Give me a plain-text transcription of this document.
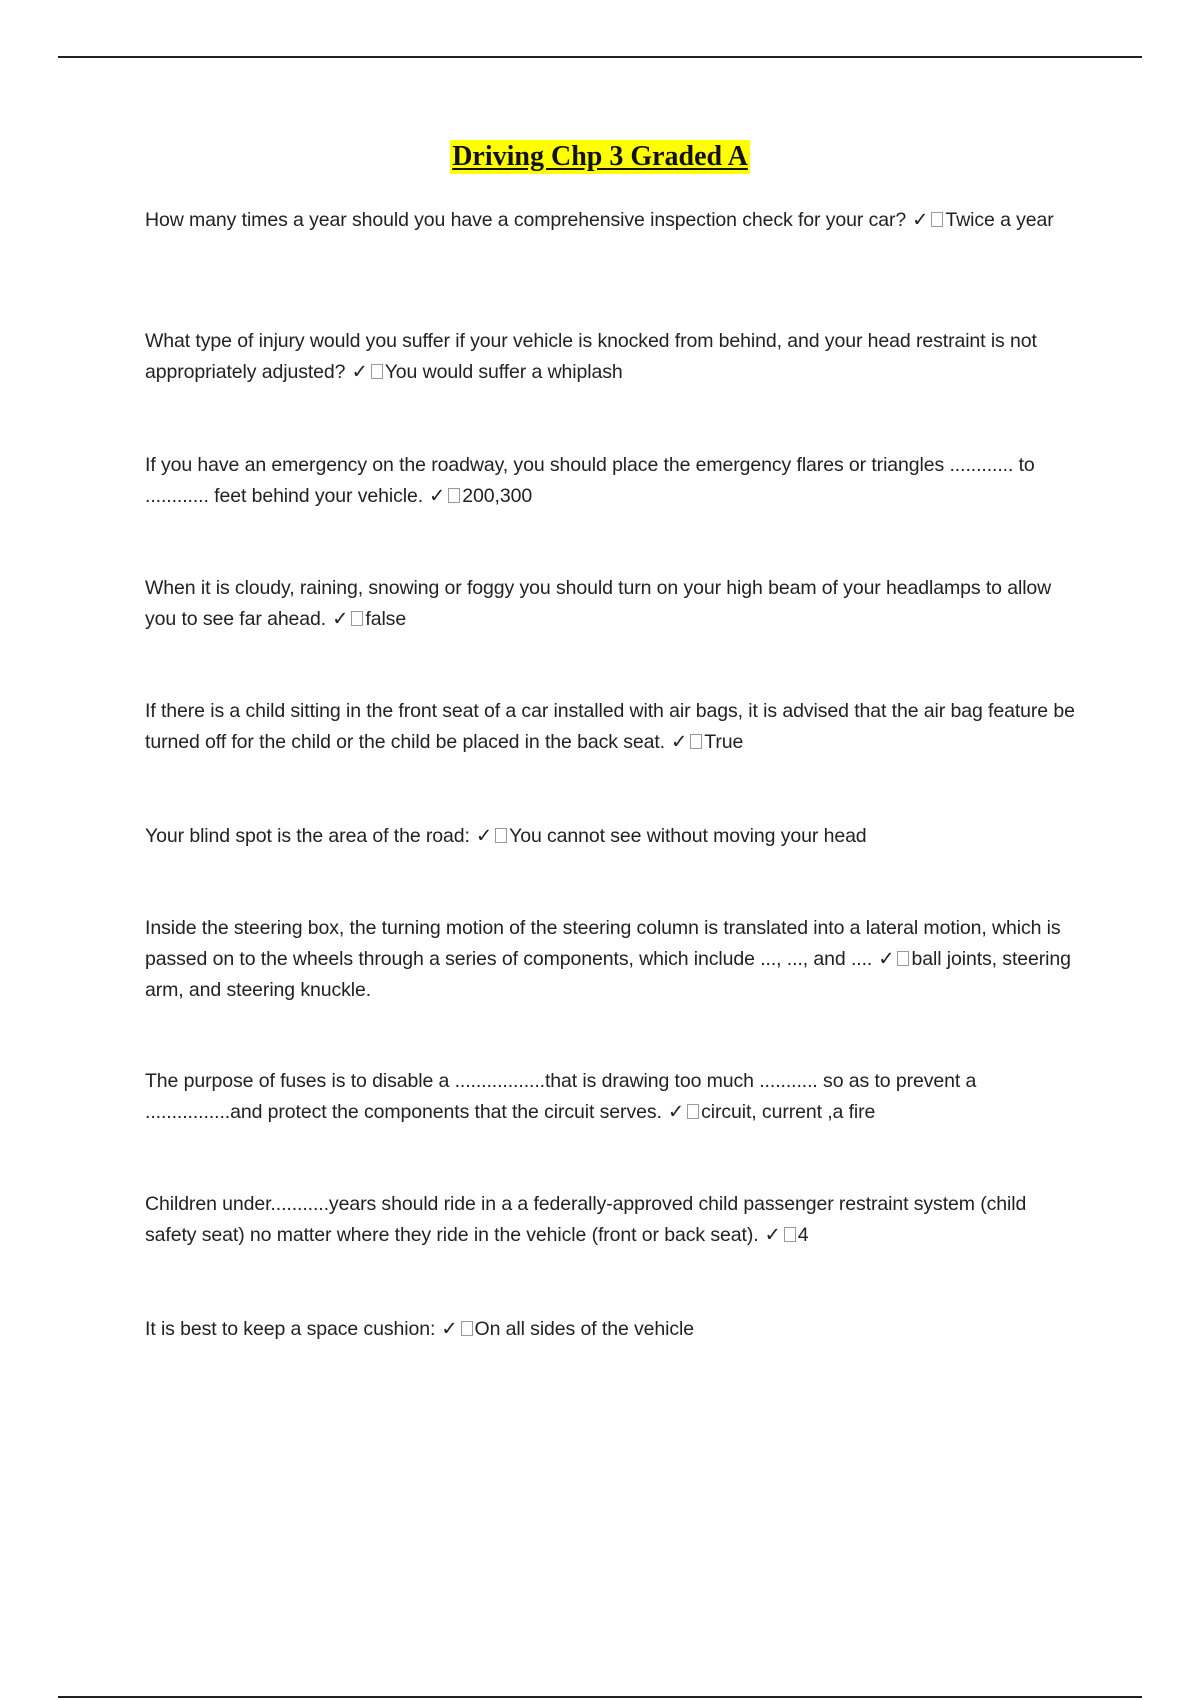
Driving Chp 3 Graded A
How many times a year should you have a comprehensive inspection check for your car? ✓ Twice a year
What type of injury would you suffer if your vehicle is knocked from behind, and your head restraint is not appropriately adjusted? ✓ You would suffer a whiplash
If you have an emergency on the roadway, you should place the emergency flares or triangles ............ to ............ feet behind your vehicle. ✓ 200,300
When it is cloudy, raining, snowing or foggy you should turn on your high beam of your headlamps to allow you to see far ahead. ✓ false
If there is a child sitting in the front seat of a car installed with air bags, it is advised that the air bag feature be turned off for the child or the child be placed in the back seat. ✓ True
Your blind spot is the area of the road: ✓ You cannot see without moving your head
Inside the steering box, the turning motion of the steering column is translated into a lateral motion, which is passed on to the wheels through a series of components, which include ..., ..., and .... ✓ ball joints, steering arm, and steering knuckle.
The purpose of fuses is to disable a .................that is drawing too much ........... so as to prevent a ................and protect the components that the circuit serves. ✓ circuit, current ,a fire
Children under...........years should ride in a a federally-approved child passenger restraint system (child safety seat) no matter where they ride in the vehicle (front or back seat). ✓ 4
It is best to keep a space cushion: ✓ On all sides of the vehicle
